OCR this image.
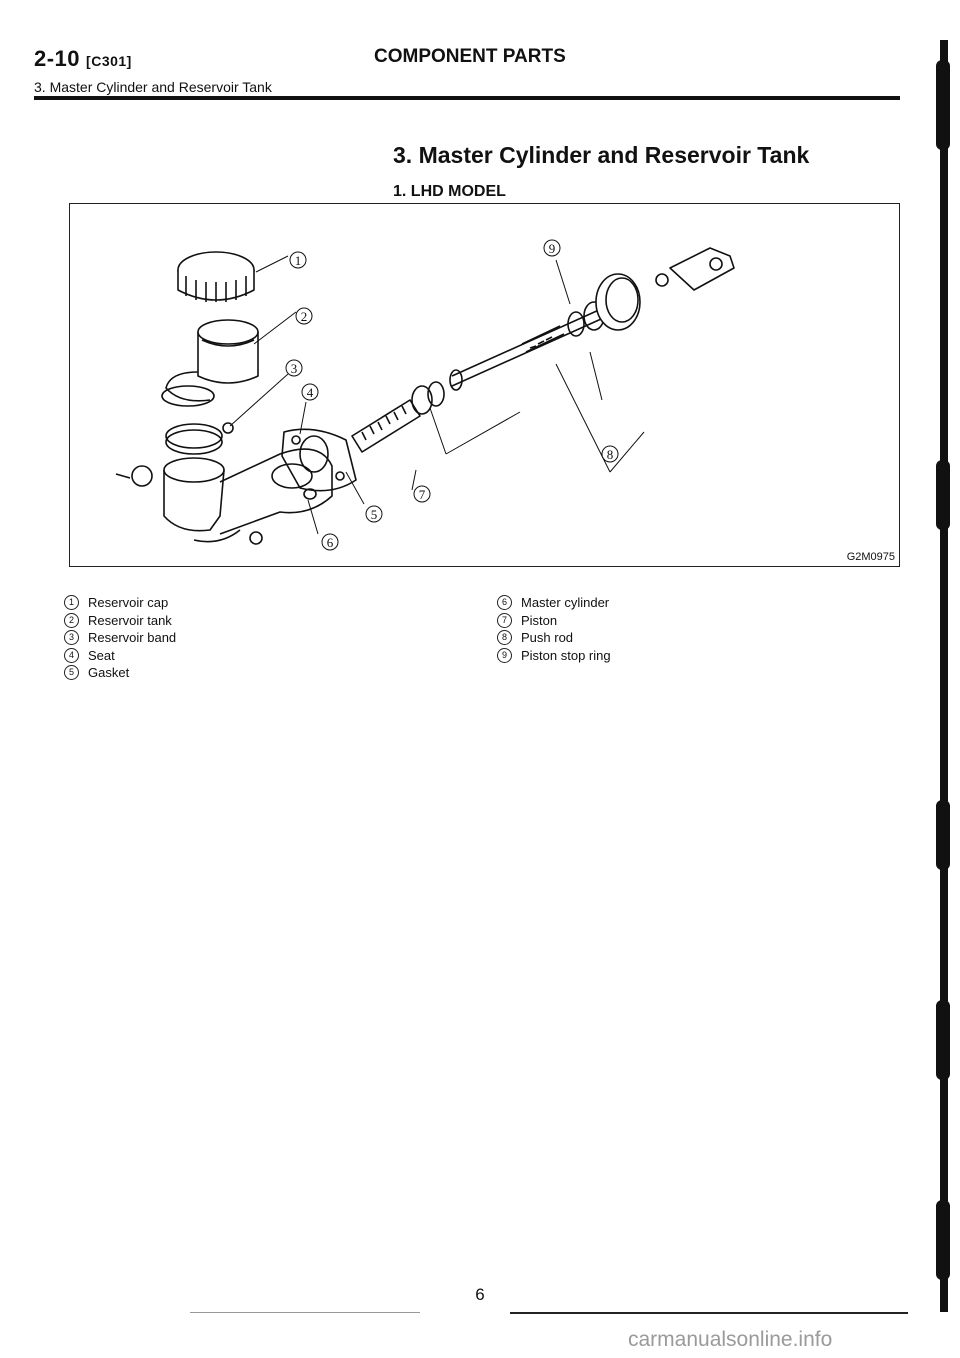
2-10 [C301]	COMPONENT PARTS
3. Master Cylinder and Reservoir Tank
3. Master Cylinder and Reservoir Tank
1. LHD MODEL
1
2
3
4
5
6
7
8
9
G2M0975
1	Reservoir cap
2	Reservoir tank
3	Reservoir band
4	Seat
5	Gasket
6	Master cylinder
7	Piston
8	Push rod
9	Piston stop ring
6
carmanualsonline.info
